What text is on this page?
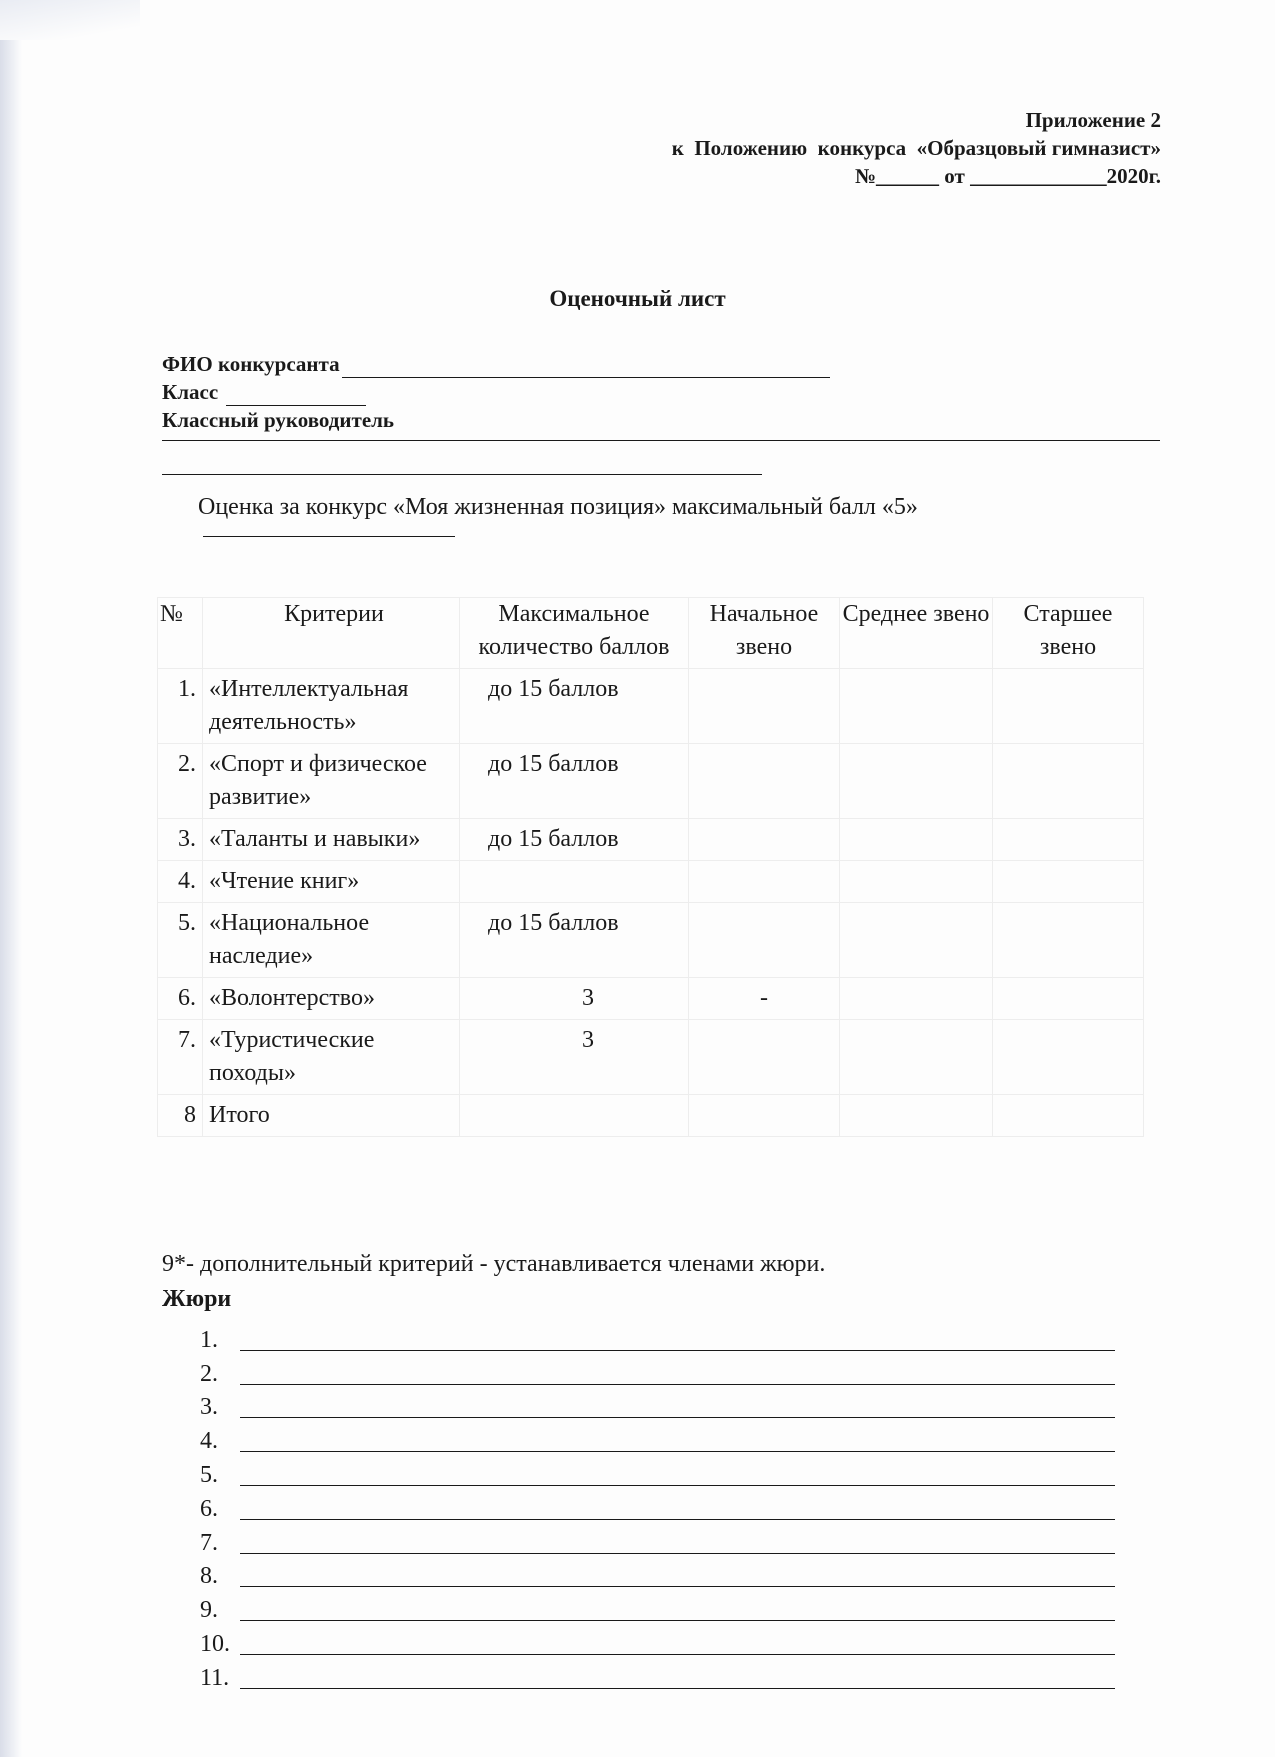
Приложение 2
к  Положению  конкурса  «Образцовый гимназист»
№______ от _____________2020г.
Оценочный лист
ФИО конкурсанта
Класс
Классный руководитель
Оценка за конкурс «Моя жизненная позиция» максимальный балл «5»
№	Критерии	Максимальное количество баллов	Начальное звено	Среднее звено	Старшее звено
1.	«Интеллектуальная деятельность»	до 15 баллов			
2.	«Спорт и физическое развитие»	до 15 баллов			
3.	«Таланты и навыки»	до 15 баллов			
4.	«Чтение книг»				
5.	«Национальное наследие»	до 15 баллов			
6.	«Волонтерство»	3	-		
7.	«Туристические походы»	3			
8	Итого				
9*- дополнительный критерий - устанавливается членами жюри.
Жюри
1.
2.
3.
4.
5.
6.
7.
8.
9.
10.
11.
